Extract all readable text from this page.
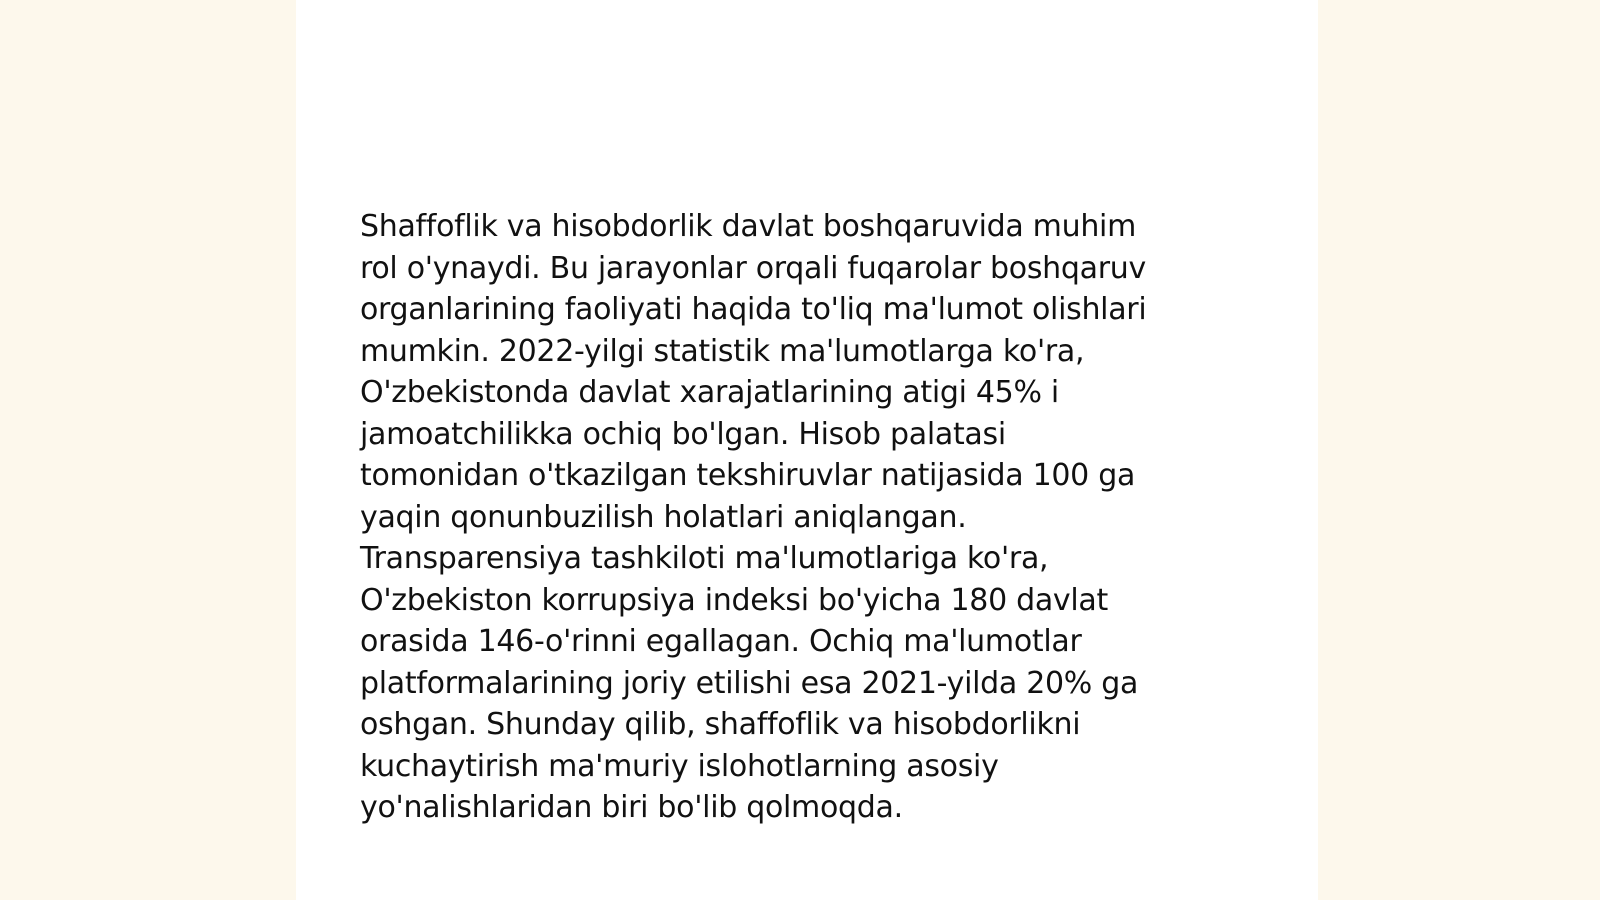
Shaffoflik va hisobdorlik davlat boshqaruvida muhim
rol o'ynaydi. Bu jarayonlar orqali fuqarolar boshqaruv
organlarining faoliyati haqida to'liq ma'lumot olishlari
mumkin. 2022-yilgi statistik ma'lumotlarga ko'ra,
O'zbekistonda davlat xarajatlarining atigi 45% i
jamoatchilikka ochiq bo'lgan. Hisob palatasi
tomonidan o'tkazilgan tekshiruvlar natijasida 100 ga
yaqin qonunbuzilish holatlari aniqlangan.
Transparensiya tashkiloti ma'lumotlariga ko'ra,
O'zbekiston korrupsiya indeksi bo'yicha 180 davlat
orasida 146-o'rinni egallagan. Ochiq ma'lumotlar
platformalarining joriy etilishi esa 2021-yilda 20% ga
oshgan. Shunday qilib, shaffoflik va hisobdorlikni
kuchaytirish ma'muriy islohotlarning asosiy
yo'nalishlaridan biri bo'lib qolmoqda.
